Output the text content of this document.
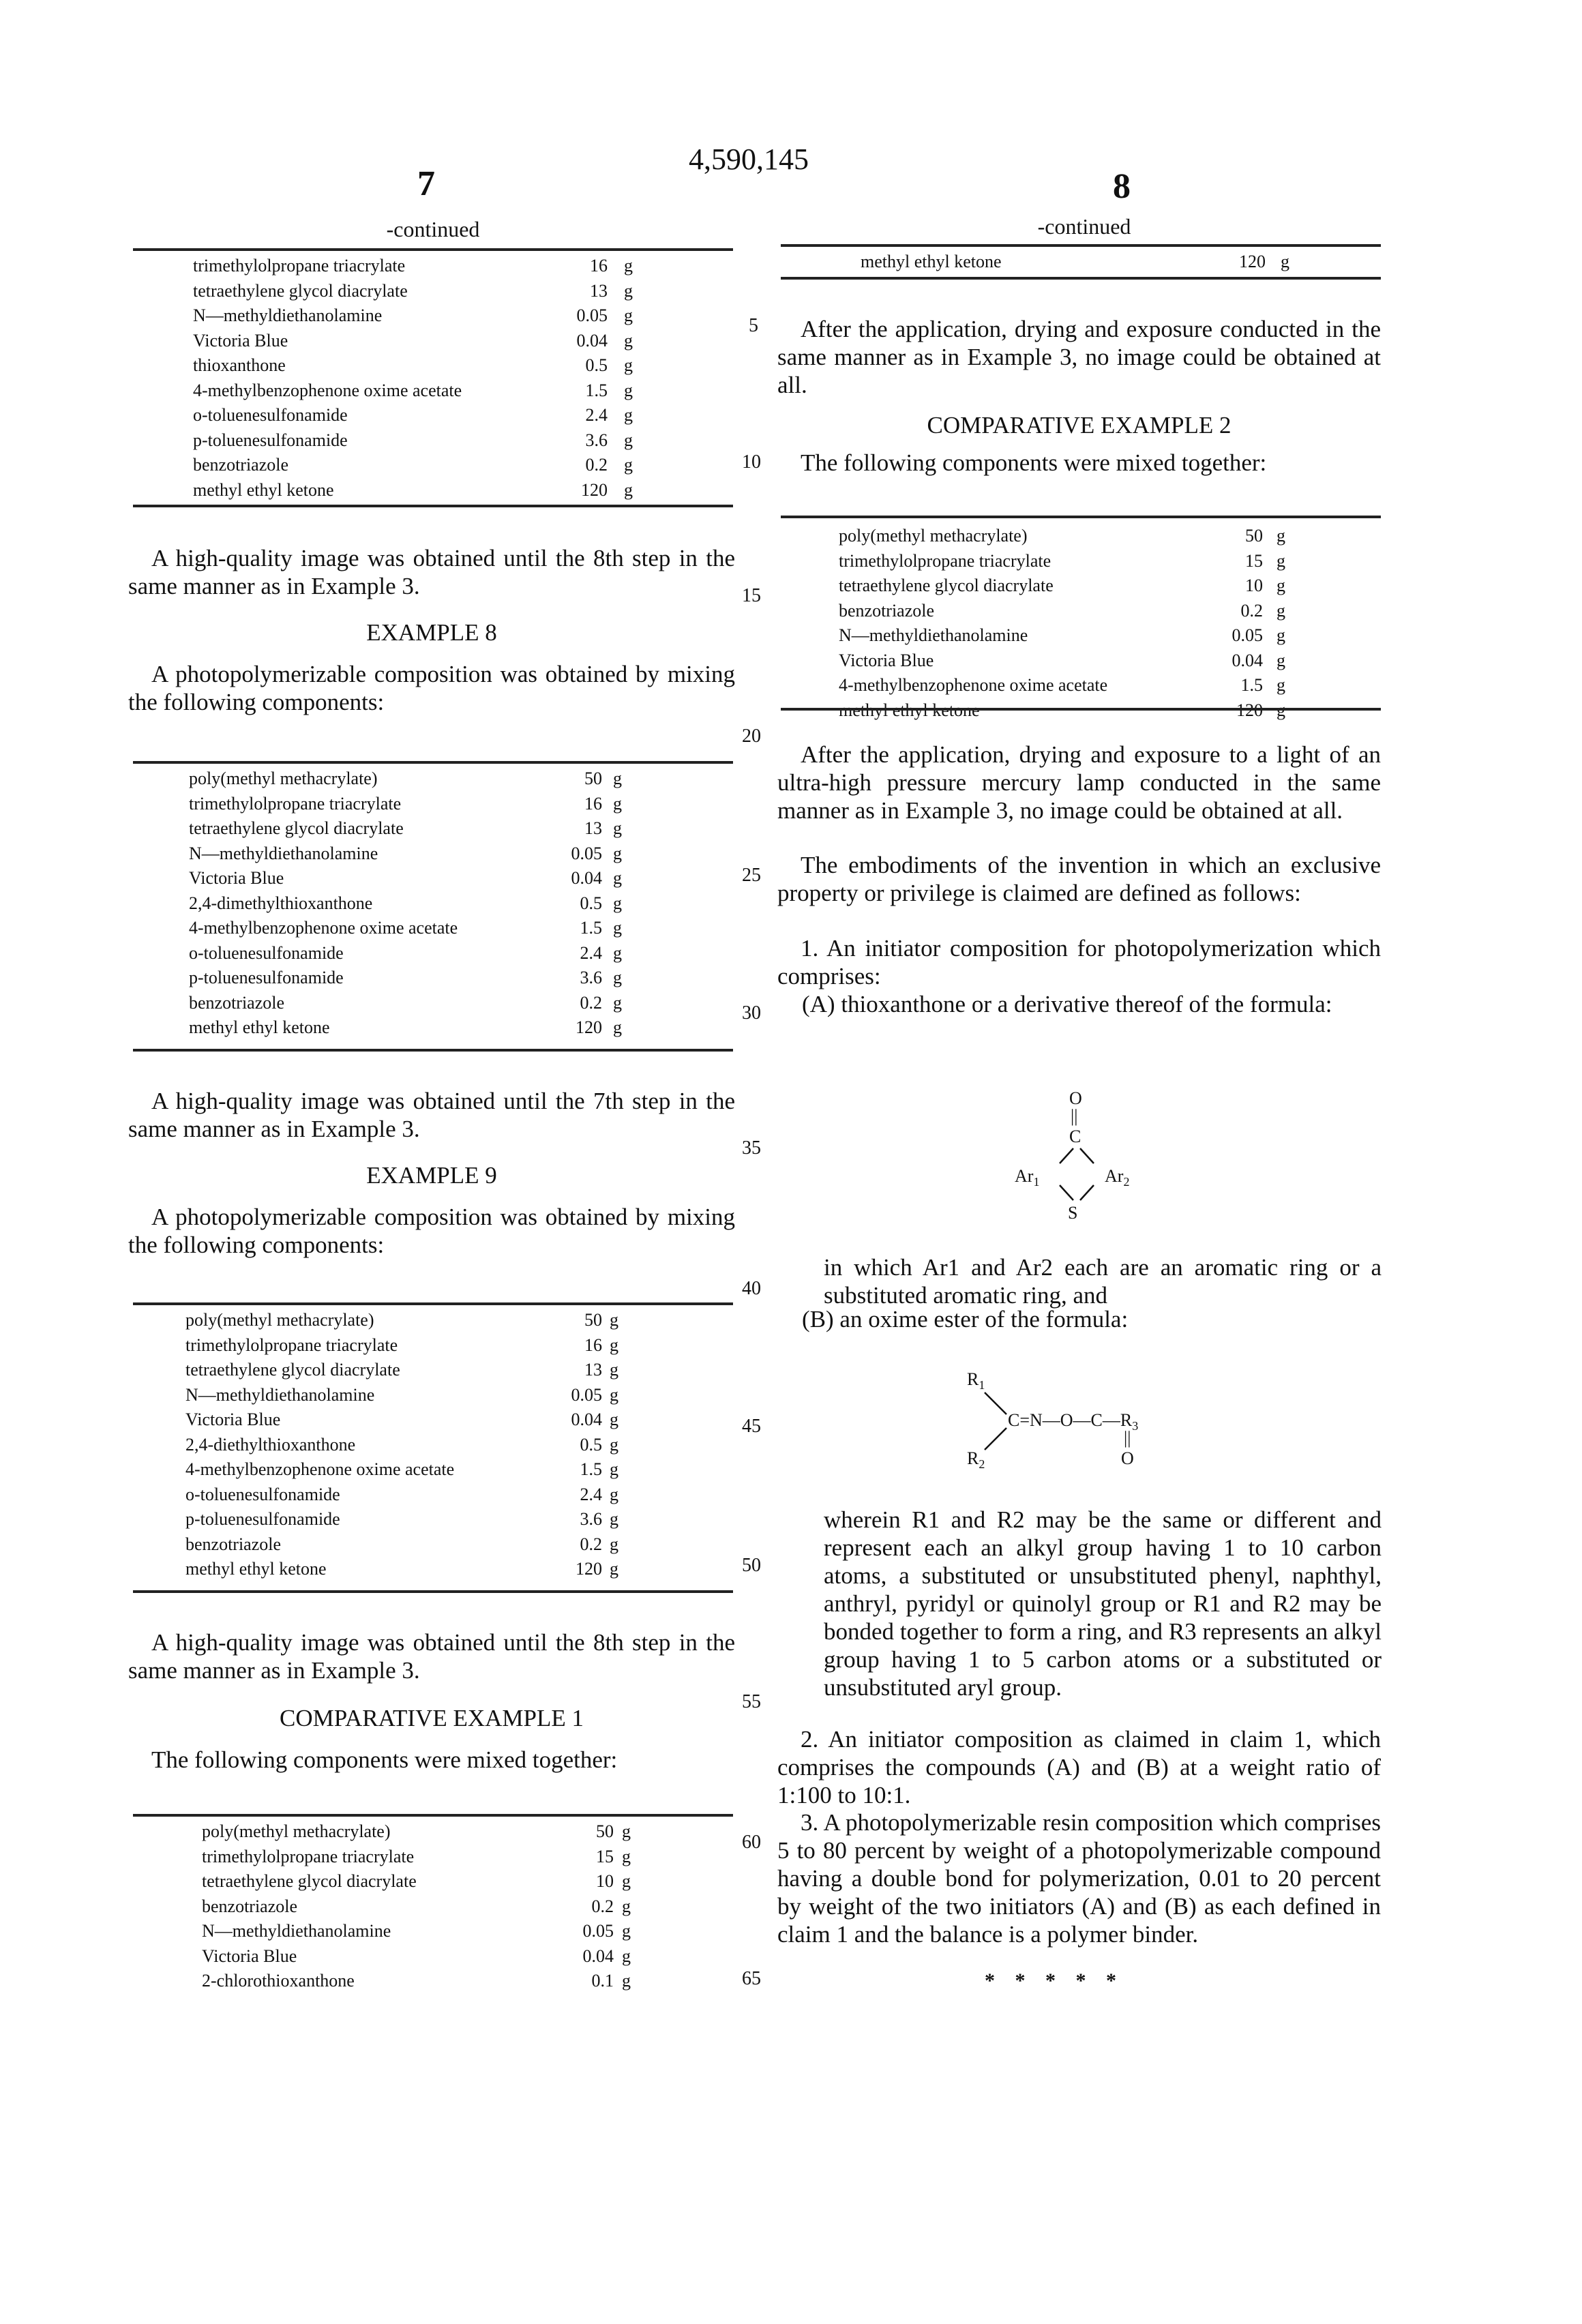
7
4,590,145
8
-continued
trimethylolpropane triacrylate	16 g
tetraethylene glycol diacrylate	13 g
N—methyldiethanolamine	0.05 g
Victoria Blue	0.04 g
thioxanthone	0.5 g
4-methylbenzophenone oxime acetate	1.5 g
o-toluenesulfonamide	2.4 g
p-toluenesulfonamide	3.6 g
benzotriazole	0.2 g
methyl ethyl ketone	120 g
A high-quality image was obtained until the 8th step in the same manner as in Example 3.
EXAMPLE 8
A photopolymerizable composition was obtained by mixing the following components:
poly(methyl methacrylate)	50 g
trimethylolpropane triacrylate	16 g
tetraethylene glycol diacrylate	13 g
N—methyldiethanolamine	0.05 g
Victoria Blue	0.04 g
2,4-dimethylthioxanthone	0.5 g
4-methylbenzophenone oxime acetate	1.5 g
o-toluenesulfonamide	2.4 g
p-toluenesulfonamide	3.6 g
benzotriazole	0.2 g
methyl ethyl ketone	120 g
A high-quality image was obtained until the 7th step in the same manner as in Example 3.
EXAMPLE 9
A photopolymerizable composition was obtained by mixing the following components:
poly(methyl methacrylate)	50 g
trimethylolpropane triacrylate	16 g
tetraethylene glycol diacrylate	13 g
N—methyldiethanolamine	0.05 g
Victoria Blue	0.04 g
2,4-diethylthioxanthone	0.5 g
4-methylbenzophenone oxime acetate	1.5 g
o-toluenesulfonamide	2.4 g
p-toluenesulfonamide	3.6 g
benzotriazole	0.2 g
methyl ethyl ketone	120 g
A high-quality image was obtained until the 8th step in the same manner as in Example 3.
COMPARATIVE EXAMPLE 1
The following components were mixed together:
poly(methyl methacrylate)	50 g
trimethylolpropane triacrylate	15 g
tetraethylene glycol diacrylate	10 g
benzotriazole	0.2 g
N—methyldiethanolamine	0.05 g
Victoria Blue	0.04 g
2-chlorothioxanthone	0.1 g
5
10
15
20
25
30
35
40
45
50
55
60
65
-continued
methyl ethyl ketone	120 g
After the application, drying and exposure conducted in the same manner as in Example 3, no image could be obtained at all.
COMPARATIVE EXAMPLE 2
The following components were mixed together:
poly(methyl methacrylate)	50 g
trimethylolpropane triacrylate	15 g
tetraethylene glycol diacrylate	10 g
benzotriazole	0.2 g
N—methyldiethanolamine	0.05 g
Victoria Blue	0.04 g
4-methylbenzophenone oxime acetate	1.5 g
methyl ethyl ketone	120 g
After the application, drying and exposure to a light of an ultra-high pressure mercury lamp conducted in the same manner as in Example 3, no image could be obtained at all.
The embodiments of the invention in which an exclusive property or privilege is claimed are defined as follows:
1. An initiator composition for photopolymerization which comprises:
(A) thioxanthone or a derivative thereof of the formula:
O
||
C
Ar1	Ar2
S
in which Ar1 and Ar2 each are an aromatic ring or a substituted aromatic ring, and
(B) an oxime ester of the formula:
R1
C=N—O—C—R3
R2
||
O
wherein R1 and R2 may be the same or different and represent each an alkyl group having 1 to 10 carbon atoms, a substituted or unsubstituted phenyl, naphthyl, anthryl, pyridyl or quinolyl group or R1 and R2 may be bonded together to form a ring, and R3 represents an alkyl group having 1 to 5 carbon atoms or a substituted or unsubstituted aryl group.
2. An initiator composition as claimed in claim 1, which comprises the compounds (A) and (B) at a weight ratio of 1:100 to 10:1.
3. A photopolymerizable resin composition which comprises 5 to 80 percent by weight of a photopolymerizable compound having a double bond for polymerization, 0.01 to 20 percent by weight of the two initiators (A) and (B) as each defined in claim 1 and the balance is a polymer binder.
* * * * *
